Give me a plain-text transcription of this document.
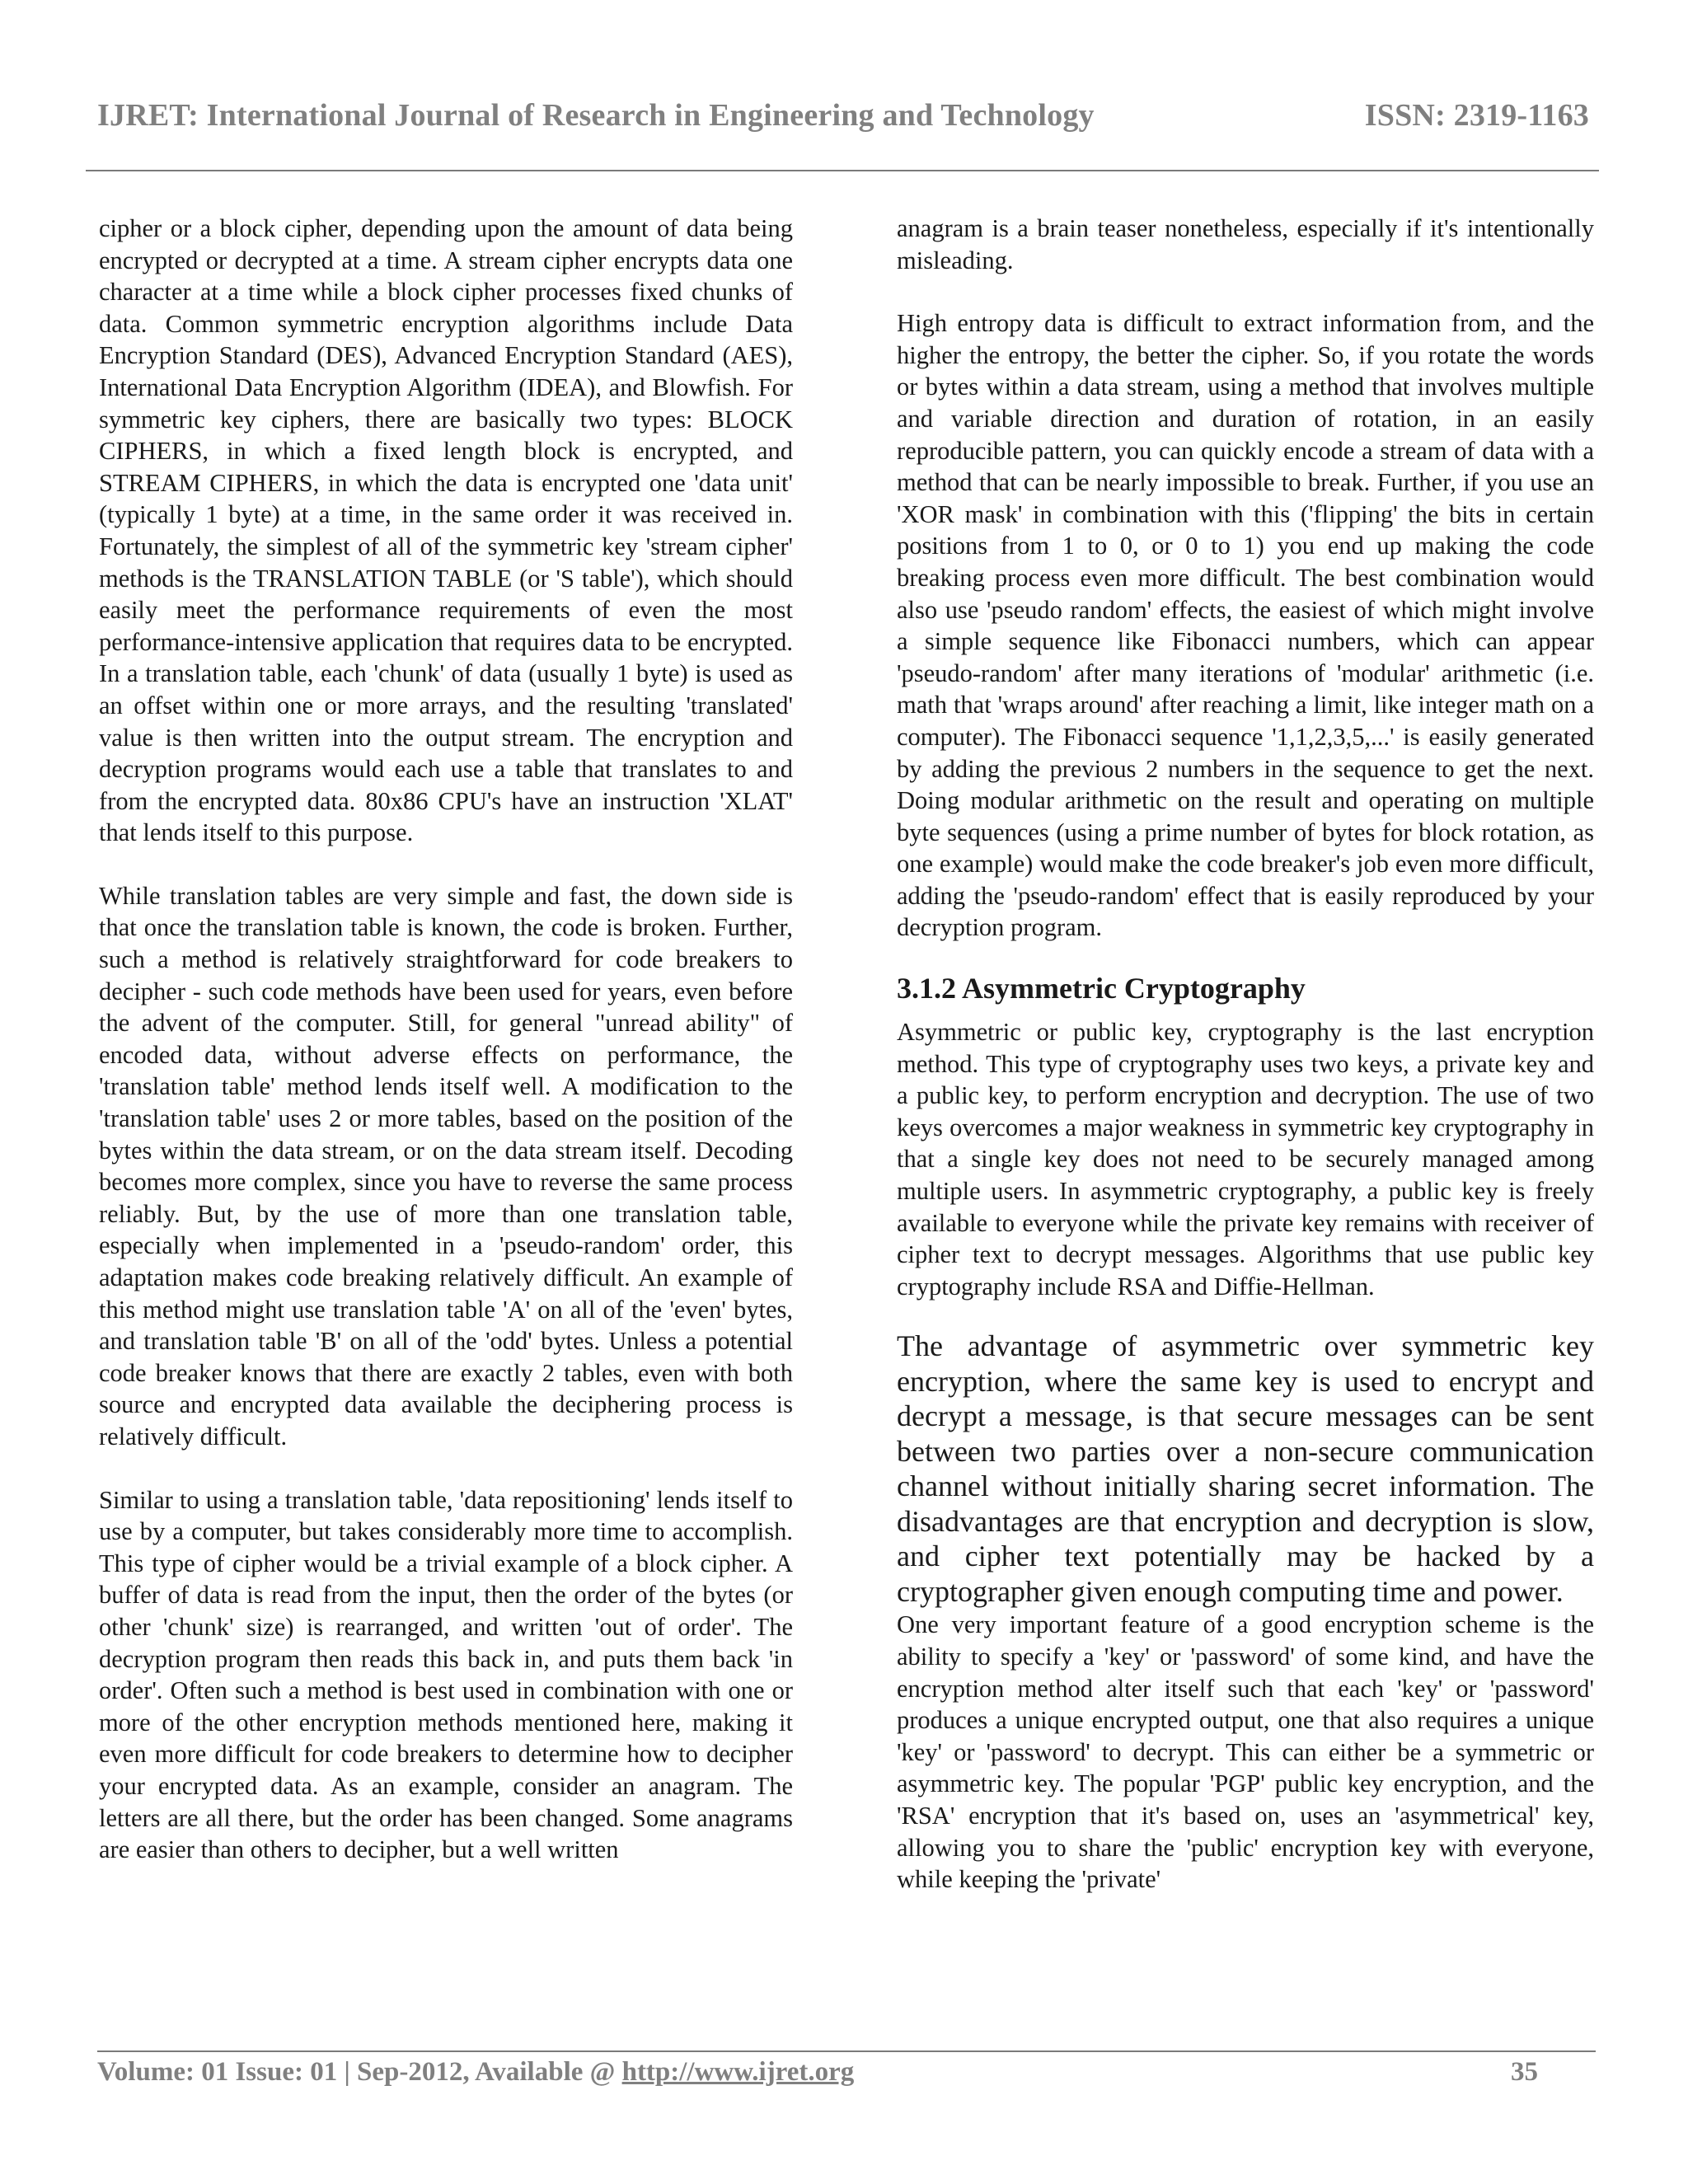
IJRET: International Journal of Research in Engineering and Technology	ISSN: 2319-1163

cipher or a block cipher, depending upon the amount of data being encrypted or decrypted at a time. A stream cipher encrypts data one character at a time while a block cipher processes fixed chunks of data. Common symmetric encryption algorithms include Data Encryption Standard (DES), Advanced Encryption Standard (AES), International Data Encryption Algorithm (IDEA), and Blowfish. For symmetric key ciphers, there are basically two types: BLOCK CIPHERS, in which a fixed length block is encrypted, and STREAM CIPHERS, in which the data is encrypted one 'data unit' (typically 1 byte) at a time, in the same order it was received in. Fortunately, the simplest of all of the symmetric key 'stream cipher' methods is the TRANSLATION TABLE (or 'S table'), which should easily meet the performance requirements of even the most performance-intensive application that requires data to be encrypted. In a translation table, each 'chunk' of data (usually 1 byte) is used as an offset within one or more arrays, and the resulting 'translated' value is then written into the output stream. The encryption and decryption programs would each use a table that translates to and from the encrypted data. 80x86 CPU's have an instruction 'XLAT' that lends itself to this purpose.

While translation tables are very simple and fast, the down side is that once the translation table is known, the code is broken. Further, such a method is relatively straightforward for code breakers to decipher - such code methods have been used for years, even before the advent of the computer. Still, for general "unread ability" of encoded data, without adverse effects on performance, the 'translation table' method lends itself well. A modification to the 'translation table' uses 2 or more tables, based on the position of the bytes within the data stream, or on the data stream itself. Decoding becomes more complex, since you have to reverse the same process reliably. But, by the use of more than one translation table, especially when implemented in a 'pseudo-random' order, this adaptation makes code breaking relatively difficult. An example of this method might use translation table 'A' on all of the 'even' bytes, and translation table 'B' on all of the 'odd' bytes. Unless a potential code breaker knows that there are exactly 2 tables, even with both source and encrypted data available the deciphering process is relatively difficult.

Similar to using a translation table, 'data repositioning' lends itself to use by a computer, but takes considerably more time to accomplish. This type of cipher would be a trivial example of a block cipher. A buffer of data is read from the input, then the order of the bytes (or other 'chunk' size) is rearranged, and written 'out of order'. The decryption program then reads this back in, and puts them back 'in order'. Often such a method is best used in combination with one or more of the other encryption methods mentioned here, making it even more difficult for code breakers to determine how to decipher your encrypted data. As an example, consider an anagram. The letters are all there, but the order has been changed. Some anagrams are easier than others to decipher, but a well written

anagram is a brain teaser nonetheless, especially if it's intentionally misleading.

High entropy data is difficult to extract information from, and the higher the entropy, the better the cipher. So, if you rotate the words or bytes within a data stream, using a method that involves multiple and variable direction and duration of rotation, in an easily reproducible pattern, you can quickly encode a stream of data with a method that can be nearly impossible to break. Further, if you use an 'XOR mask' in combination with this ('flipping' the bits in certain positions from 1 to 0, or 0 to 1) you end up making the code breaking process even more difficult. The best combination would also use 'pseudo random' effects, the easiest of which might involve a simple sequence like Fibonacci numbers, which can appear 'pseudo-random' after many iterations of 'modular' arithmetic (i.e. math that 'wraps around' after reaching a limit, like integer math on a computer). The Fibonacci sequence '1,1,2,3,5,...' is easily generated by adding the previous 2 numbers in the sequence to get the next. Doing modular arithmetic on the result and operating on multiple byte sequences (using a prime number of bytes for block rotation, as one example) would make the code breaker's job even more difficult, adding the 'pseudo-random' effect that is easily reproduced by your decryption program.

3.1.2 Asymmetric Cryptography

Asymmetric or public key, cryptography is the last encryption method. This type of cryptography uses two keys, a private key and a public key, to perform encryption and decryption. The use of two keys overcomes a major weakness in symmetric key cryptography in that a single key does not need to be securely managed among multiple users. In asymmetric cryptography, a public key is freely available to everyone while the private key remains with receiver of cipher text to decrypt messages. Algorithms that use public key cryptography include RSA and Diffie-Hellman.

The advantage of asymmetric over symmetric key encryption, where the same key is used to encrypt and decrypt a message, is that secure messages can be sent between two parties over a non-secure communication channel without initially sharing secret information. The disadvantages are that encryption and decryption is slow, and cipher text potentially may be hacked by a cryptographer given enough computing time and power.

One very important feature of a good encryption scheme is the ability to specify a 'key' or 'password' of some kind, and have the encryption method alter itself such that each 'key' or 'password' produces a unique encrypted output, one that also requires a unique 'key' or 'password' to decrypt. This can either be a symmetric or asymmetric key. The popular 'PGP' public key encryption, and the 'RSA' encryption that it's based on, uses an 'asymmetrical' key, allowing you to share the 'public' encryption key with everyone, while keeping the 'private'

Volume: 01 Issue: 01 | Sep-2012, Available @ http://www.ijret.org	35
